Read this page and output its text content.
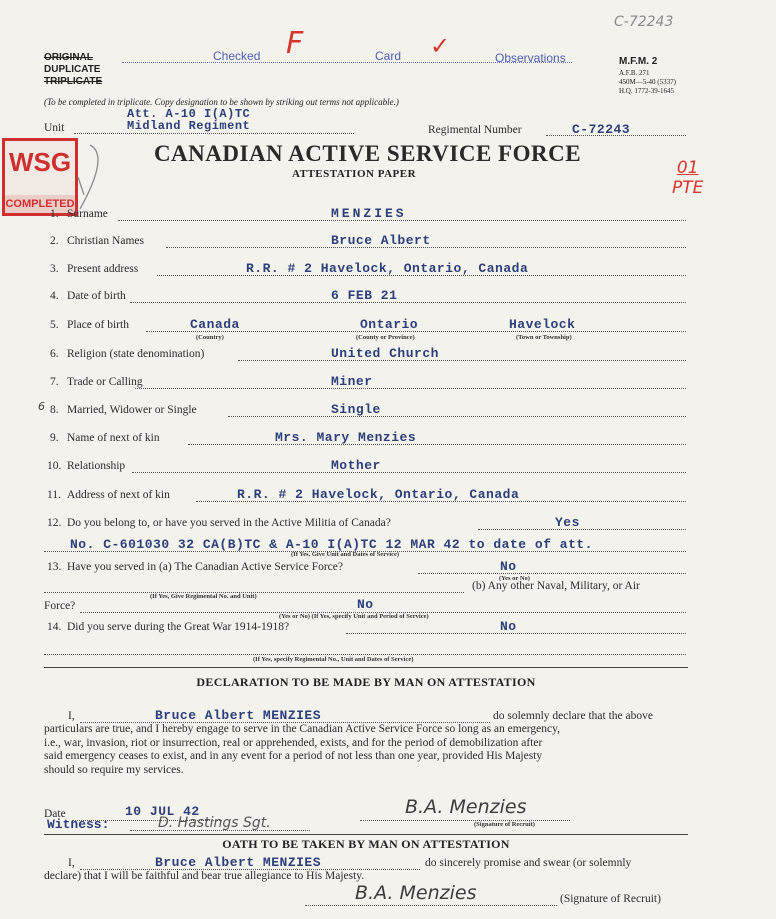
C-72243
ORIGINAL
DUPLICATE
TRIPLICATE
Checked F	Card ✓	Observations	M.F.M. 2
A.F.B. 271
450M—5-40 (5337)
H.Q. 1772-39-1645
(To be completed in triplicate. Copy designation to be shown by striking out terms not applicable.)
Unit
Att. A-10 I(A)TC
Midland Regiment	Regimental Number	C-72243
WSG
COMPLETED
CANADIAN ACTIVE SERVICE FORCE
ATTESTATION PAPER	01
PTE
1. Surname	MENZIES
2. Christian Names	Bruce Albert
3. Present address	R.R. # 2 Havelock, Ontario, Canada
4. Date of birth	6 FEB 21
5. Place of birth	Canada	Ontario	Havelock
(Country)	(County or Province)	(Town or Township)
6. Religion (state denomination)	United Church
7. Trade or Calling	Miner
6 8. Married, Widower or Single	Single
9. Name of next of kin	Mrs. Mary Menzies
10. Relationship	Mother
11. Address of next of kin	R.R. # 2 Havelock, Ontario, Canada
12. Do you belong to, or have you served in the Active Militia of Canada?	Yes
No. C-601030 32 CA(B)TC & A-10 I(A)TC 12 MAR 42 to date of att.
(If Yes, Give Unit and Dates of Service)
13. Have you served in (a) The Canadian Active Service Force?	No
(Yes or No)
(If Yes, Give Regimental No. and Unit)
(b) Any other Naval, Military, or Air
Force?	No
(Yes or No) (If Yes, specify Unit and Period of Service)
14. Did you serve during the Great War 1914-1918?	No
(If Yes, specify Regimental No., Unit and Dates of Service)
DECLARATION TO BE MADE BY MAN ON ATTESTATION
I,	Bruce Albert MENZIES	do solemnly declare that the above
particulars are true, and I hereby engage to serve in the Canadian Active Service Force so long as an emergency,
i.e., war, invasion, riot or insurrection, real or apprehended, exists, and for the period of demobilization after
said emergency ceases to exist, and in any event for a period of not less than one year, provided His Majesty
should so require my services.
Date	10 JUL 42	B.A. Menzies
(Signature of Recruit)
Witness:	D. Hastings Sgt.
OATH TO BE TAKEN BY MAN ON ATTESTATION
I,	Bruce Albert MENZIES	do sincerely promise and swear (or solemnly
declare) that I will be faithful and bear true allegiance to His Majesty.
B.A. Menzies	(Signature of Recruit)
